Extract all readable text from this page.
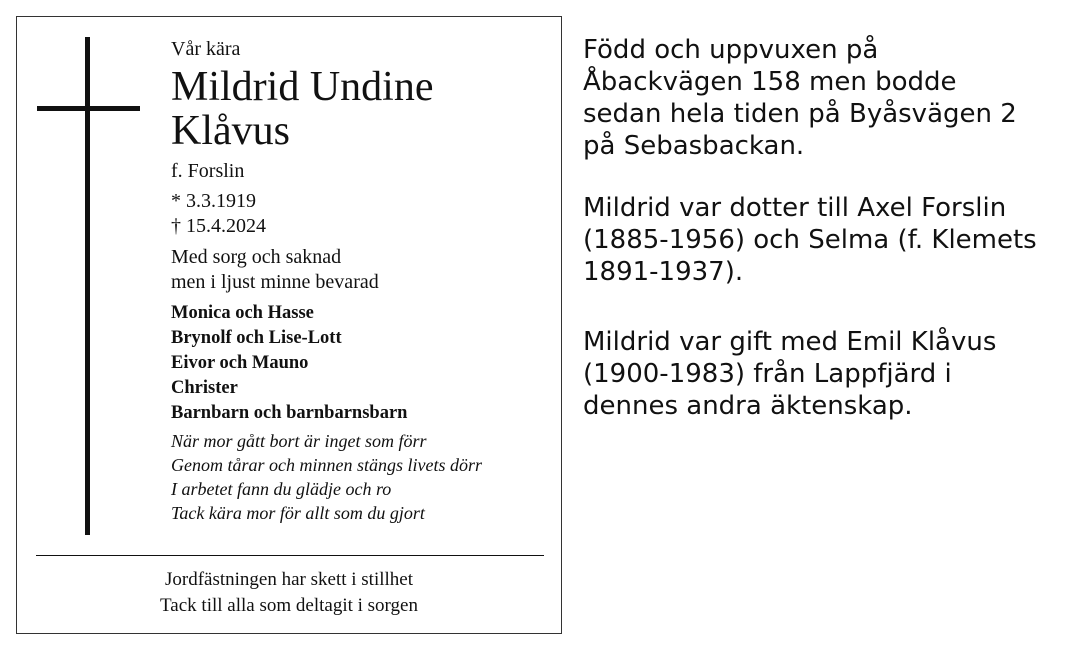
Vår kära

Mildrid Undine
Klåvus

f. Forslin

* 3.3.1919

† 15.4.2024

Med sorg och saknad
men i ljust minne bevarad

Monica och Hasse

Brynolf och Lise-Lott

Eivor och Mauno

Christer

Barnbarn och barnbarnsbarn

När mor gått bort är inget som förr

Genom tårar och minnen stängs livets dörr

I arbetet fann du glädje och ro

Tack kära mor för allt som du gjort

Jordfästningen har skett i stillhet

Tack till alla som deltagit i sorgen

Född och uppvuxen på
Åbackvägen 158 men bodde
sedan hela tiden på Byåsvägen 2
på Sebasbackan.

Mildrid var dotter till Axel Forslin
(1885-1956) och Selma (f. Klemets
1891-1937).

Mildrid var gift med Emil Klåvus
(1900-1983) från Lappfjärd i
dennes andra äktenskap.
